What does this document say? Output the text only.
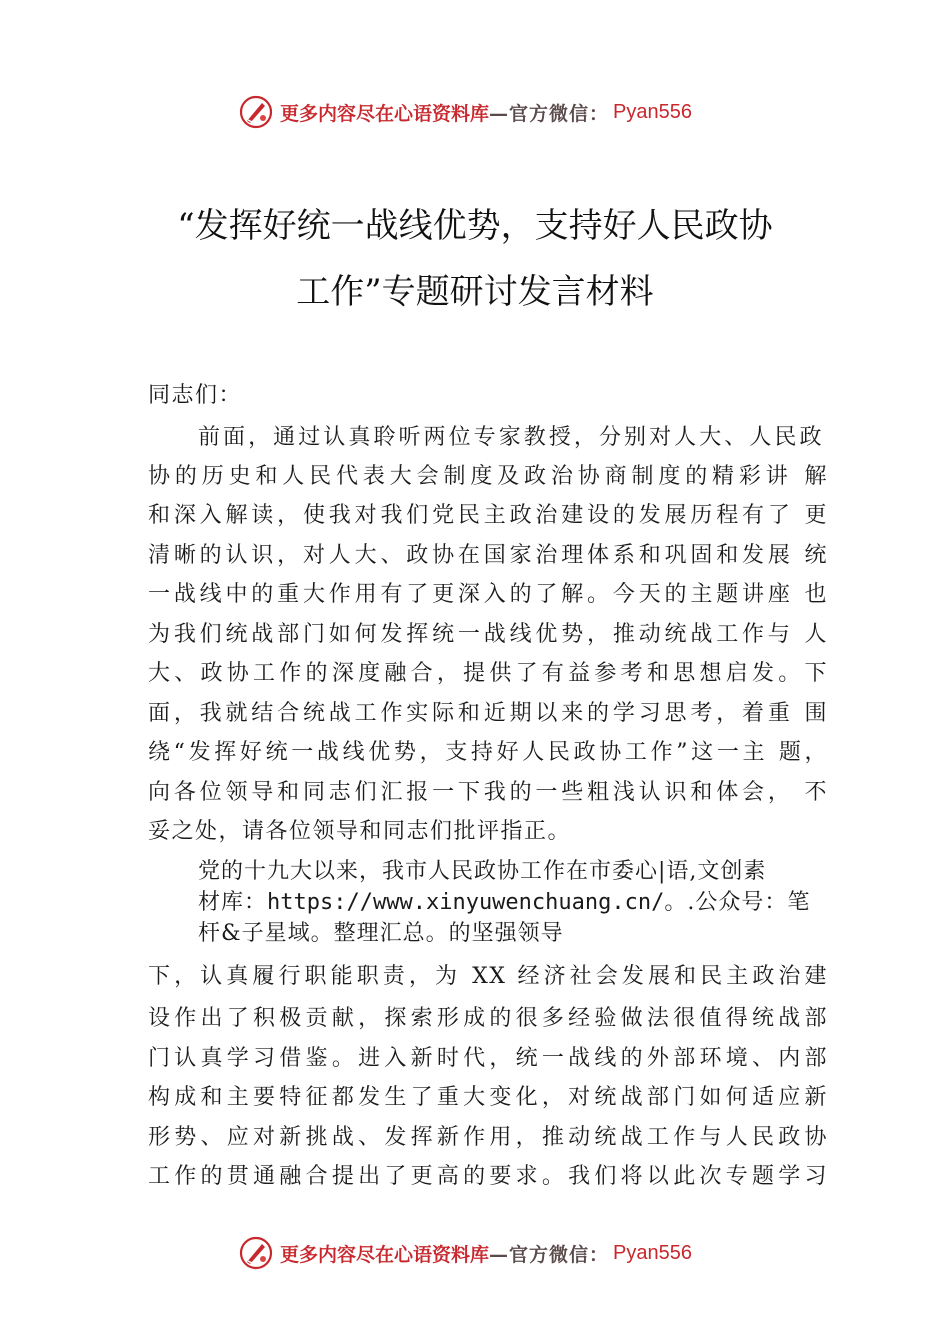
更多内容尽在心语资料库 —官方微信： Pyan556
“发挥好统一战线优势，支持好人民政协
工作”专题研讨发言材料
同志们：
前面，通过认真聆听两位专家教授，分别对人大、人民政
协的历史和人民代表大会制度及政治协商制度的精彩讲 解
和深入解读，使我对我们党民主政治建设的发展历程有了 更
清晰的认识，对人大、政协在国家治理体系和巩固和发展 统
一战线中的重大作用有了更深入的了解。今天的主题讲座 也
为我们统战部门如何发挥统一战线优势，推动统战工作与 人
大、政协工作的深度融合，提供了有益参考和思想启发。下
面，我就结合统战工作实际和近期以来的学习思考，着重 围
绕“发挥好统一战线优势，支持好人民政协工作”这一主 题，
向各位领导和同志们汇报一下我的一些粗浅认识和体会， 不
妥之处，请各位领导和同志们批评指正。
党的十九大以来，我市人民政协工作在市委心|语,文创素
材库：https://www.xinyuwenchuang.cn/。.公众号：笔
杆&子星域。整理汇总。的坚强领导
下，认真履行职能职责，为 XX 经济社会发展和民主政治建
设作出了积极贡献，探索形成的很多经验做法很值得统战部
门认真学习借鉴。进入新时代，统一战线的外部环境、内部
构成和主要特征都发生了重大变化，对统战部门如何适应新
形势、应对新挑战、发挥新作用，推动统战工作与人民政协
工作的贯通融合提出了更高的要求。我们将以此次专题学习
更多内容尽在心语资料库 —官方微信： Pyan556
